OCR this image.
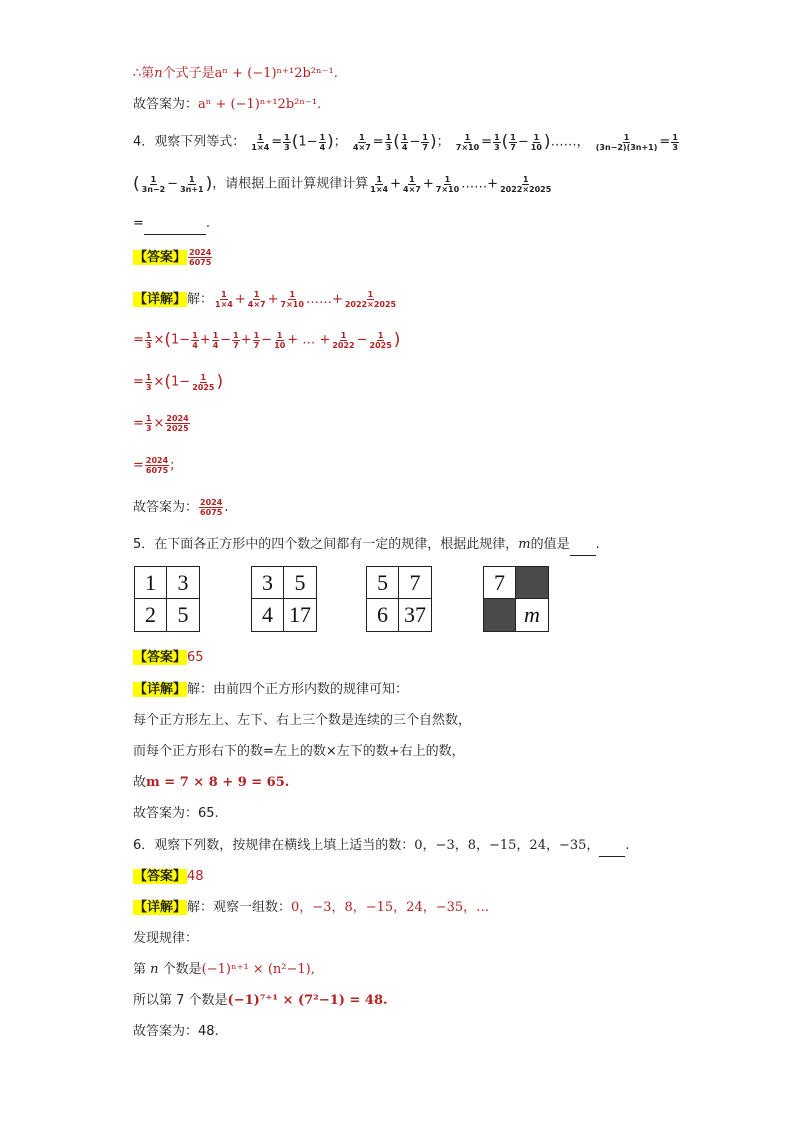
∴第n个式子是aⁿ + (−1)ⁿ⁺¹2b²ⁿ⁻¹.
故答案为：aⁿ + (−1)ⁿ⁺¹2b²ⁿ⁻¹.
4．观察下列等式： $\frac{1}{1\times 4} = \frac{1}{3} (1- \frac{1}{4}$ )； $\frac{1}{4\times 7} = \frac{1}{3}$ ( $\frac{1}{4} - \frac{1}{7}$ )； $\frac{1}{7\times 10} = \frac{1}{3}$ ( $\frac{1}{7} - \frac{1}{10}$ )……， $\frac{1}{(3n-2)(3n+1)} = \frac{1}{3}$
( $\frac{1}{3n-2} - \frac{1}{3n+1}$ )，请根据上面计算规律计算 $\frac{1}{1\times 4} + \frac{1}{4\times 7} + \frac{1}{7\times 10}$ ……+ $\frac{1}{2022\times 2025}$
=	.
【答案】 $\frac{2024}{6075}$
【详解】解： $\frac{1}{1\times 4} + \frac{1}{4\times 7} + \frac{1}{7\times 10}$ ……+ $\frac{1}{2022\times 2025}$
= $\frac{1}{3} \times(1- \frac{1}{4} + \frac{1}{4} - \frac{1}{7} + \frac{1}{7} - \frac{1}{10}$ + … + $\frac{1}{2022} - \frac{1}{2025}$ )
= $\frac{1}{3} \times(1- \frac{1}{2025}$ )
= $\frac{1}{3} \times \frac{2024}{2025}$
= $\frac{2024}{6075}$ ;
故答案为： $\frac{2024}{6075}$ .
5．在下面各正方形中的四个数之间都有一定的规律，根据此规律，m的值是 .
1 3
2 5
3 5
4 17
5 7
6 37
7
m
【答案】65
【详解】解：由前四个正方形内数的规律可知：
每个正方形左上、左下、右上三个数是连续的三个自然数，
而每个正方形右下的数=左上的数×左下的数+右上的数，
故m = 7 × 8 + 9 = 65.
故答案为：65.
6．观察下列数，按规律在横线上填上适当的数：0，−3，8，−15，24，−35， .
【答案】48
【详解】解：观察一组数：0，−3，8，−15，24，−35，…
发现规律：
第 n 个数是(−1)ⁿ⁺¹ × (n²−1),
所以第 7 个数是(−1)⁷⁺¹ × (7²−1) = 48.
故答案为：48.
